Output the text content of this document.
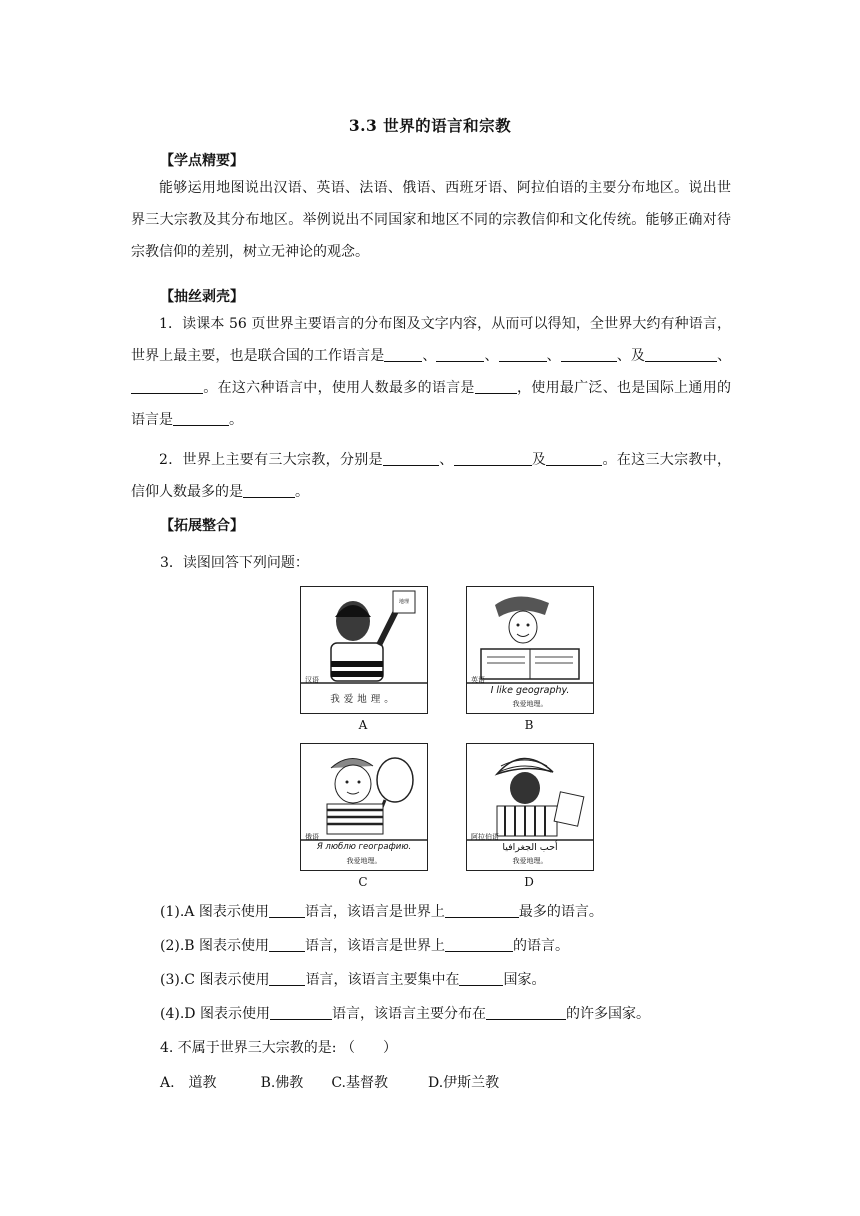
3.3 世界的语言和宗教
【学点精要】

能够运用地图说出汉语、英语、法语、俄语、西班牙语、阿拉伯语的主要分布地区。说出世界三大宗教及其分布地区。举例说出不同国家和地区不同的宗教信仰和文化传统。能够正确对待宗教信仰的差别，树立无神论的观念。

【抽丝剥壳】

1．读课本 56 页世界主要语言的分布图及文字内容，从而可以得知，全世界大约有种语言，世界上最主要，也是联合国的工作语言是	、	、	、	、及	、。在这六种语言中，使用人数最多的语言是	，使用最广泛、也是国际上通用的语言是	。

2．世界上主要有三大宗教，分别是	、	及	。在这三大宗教中，信仰人数最多的是	。

【拓展整合】
3．读图回答下列问题：
地理
汉语
我爱地理。
A
英语
I like geography.
我爱地理。
B
俄语
Я люблю географию.
我爱地理。
C
阿拉伯语
أحب الجغرافيا
我爱地理。
D
(1).A 图表示使用	语言，该语言是世界上	最多的语言。
(2).B 图表示使用	语言，该语言是世界上	的语言。
(3).C 图表示使用	语言，该语言主要集中在	国家。
(4).D 图表示使用	语言，该语言主要分布在	的许多国家。
4. 不属于世界三大宗教的是: （　　）
A.　道教	B.佛教 C.基督教	D.伊斯兰教
